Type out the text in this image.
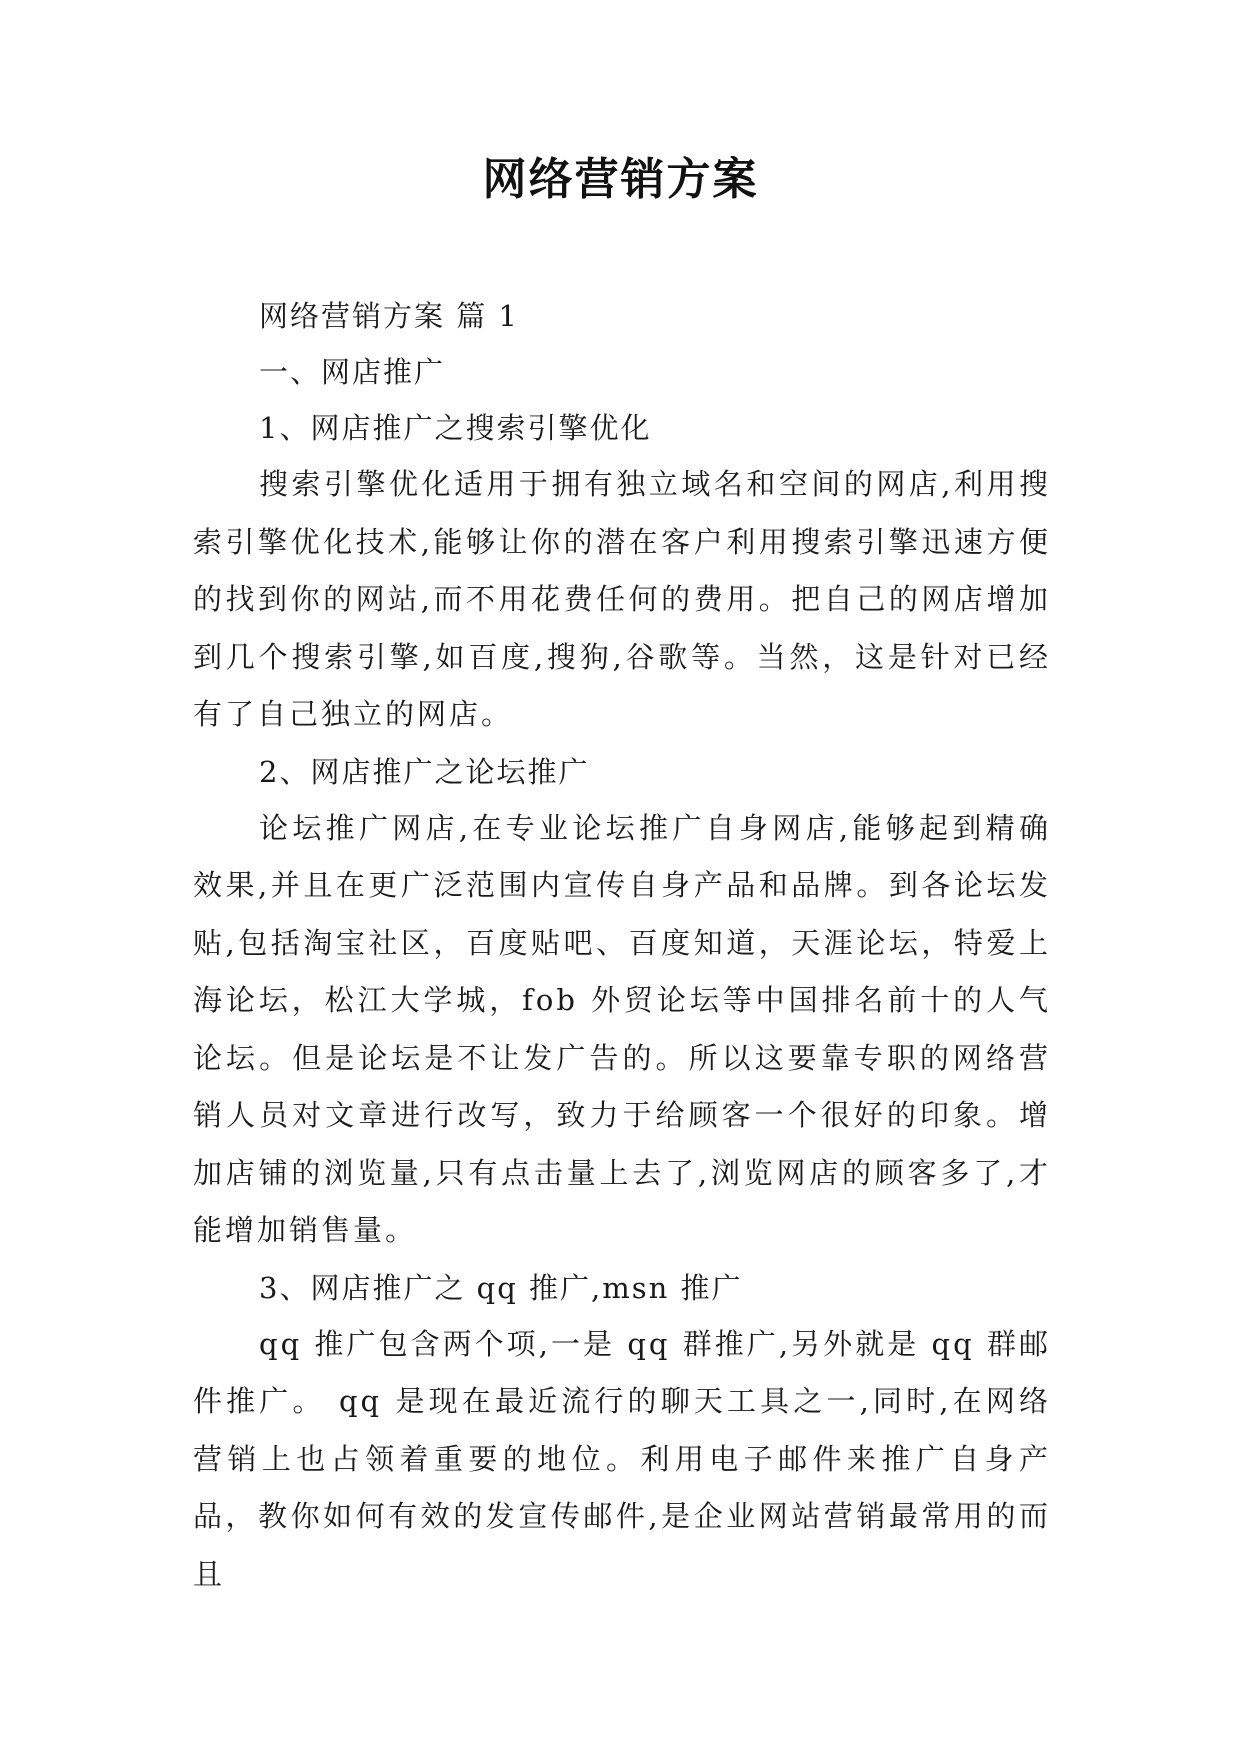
网络营销方案

网络营销方案 篇 1

一、网店推广

1、网店推广之搜索引擎优化

搜索引擎优化适用于拥有独立域名和空间的网店,利用搜索引擎优化技术,能够让你的潜在客户利用搜索引擎迅速方便的找到你的网站,而不用花费任何的费用。把自己的网店增加到几个搜索引擎,如百度,搜狗,谷歌等。当然，这是针对已经有了自己独立的网店。

2、网店推广之论坛推广

论坛推广网店,在专业论坛推广自身网店,能够起到精确效果,并且在更广泛范围内宣传自身产品和品牌。到各论坛发贴,包括淘宝社区，百度贴吧、百度知道，天涯论坛，特爱上海论坛，松江大学城，fob 外贸论坛等中国排名前十的人气论坛。但是论坛是不让发广告的。所以这要靠专职的网络营销人员对文章进行改写，致力于给顾客一个很好的印象。增加店铺的浏览量,只有点击量上去了,浏览网店的顾客多了,才能增加销售量。

3、网店推广之 qq 推广,msn 推广

qq 推广包含两个项,一是 qq 群推广,另外就是 qq 群邮件推广。 qq 是现在最近流行的聊天工具之一,同时,在网络营销上也占领着重要的地位。利用电子邮件来推广自身产品，教你如何有效的发宣传邮件,是企业网站营销最常用的而且
